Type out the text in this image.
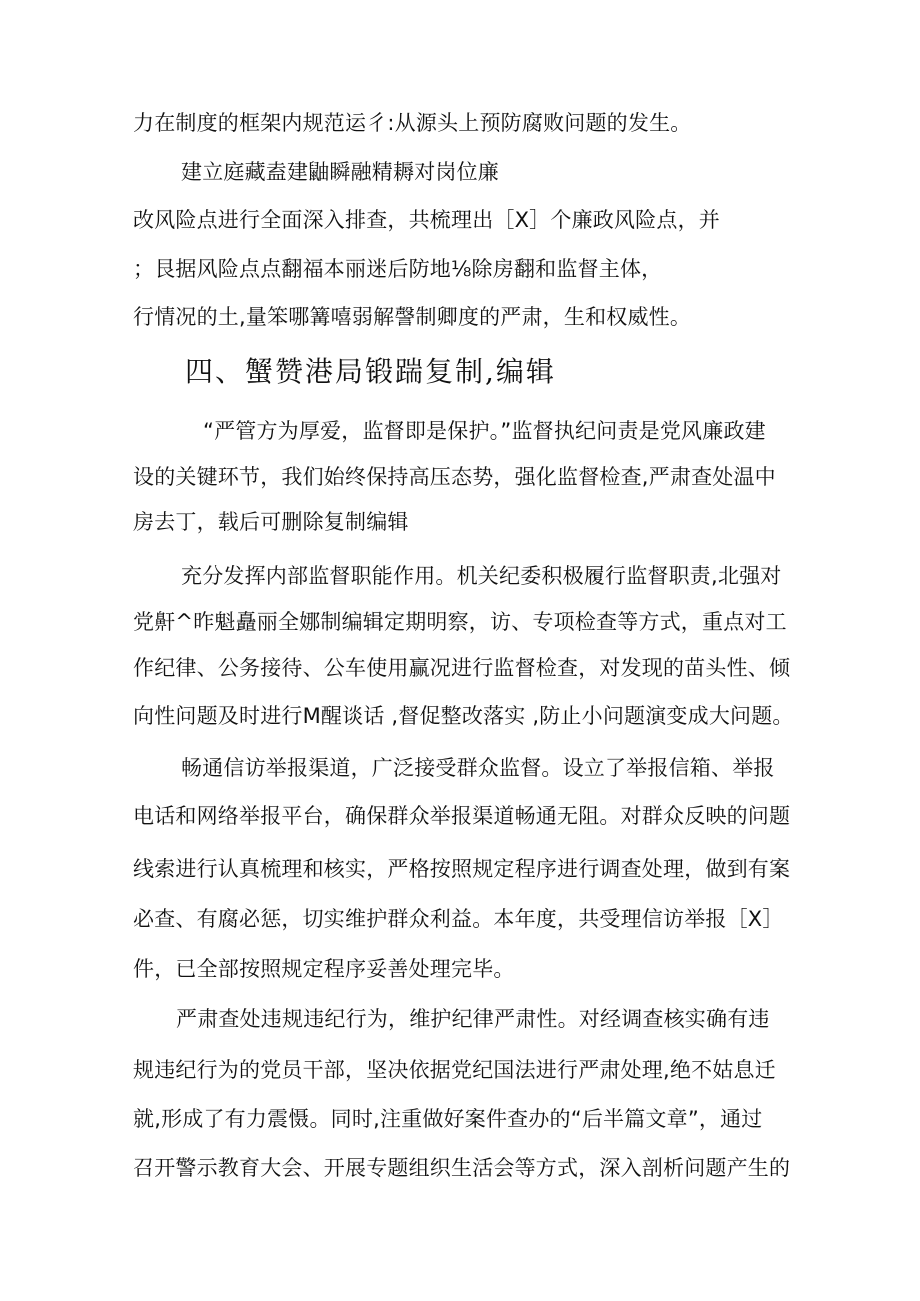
力在制度的框架内规范运彳:从源头上预防腐败问题的发生。
建立庭藏盍建鼬瞬融精耨对岗位廉
改风险点进行全面深入排查，共梳理出［X］个廉政风险点，并
；艮据风险点点翻福本丽迷后防地⅛除房翻和监督主体，
行情况的土,量笨哪篝嘻弱解謦制卿度的严肃，生和权威性。
四、蟹赞港局锻踹复制,编辑
“严管方为厚爱，监督即是保护。”监督执纪问责是党风廉政建
设的关键环节，我们始终保持高压态势，强化监督检查,严肃查处温中
房去丁，载后可删除复制编辑
充分发挥内部监督职能作用。机关纪委积极履行监督职责,北强对
党鼾^昨魁矗丽全娜制编辑定期明察，访、专项检查等方式，重点对工
作纪律、公务接待、公车使用赢况进行监督检查，对发现的苗头性、倾
向性问题及时进行M醒谈话 ,督促整改落实 ,防止小问题演变成大问题。
畅通信访举报渠道，广泛接受群众监督。设立了举报信箱、举报
电话和网络举报平台，确保群众举报渠道畅通无阻。对群众反映的问题
线索进行认真梳理和核实，严格按照规定程序进行调查处理，做到有案
必查、有腐必惩，切实维护群众利益。本年度，共受理信访举报［X］
件，已全部按照规定程序妥善处理完毕。
严肃查处违规违纪行为，维护纪律严肃性。对经调查核实确有违
规违纪行为的党员干部，坚决依据党纪国法进行严肃处理,绝不姑息迁
就,形成了有力震慑。同时,注重做好案件查办的“后半篇文章”，通过
召开警示教育大会、开展专题组织生活会等方式，深入剖析问题产生的
